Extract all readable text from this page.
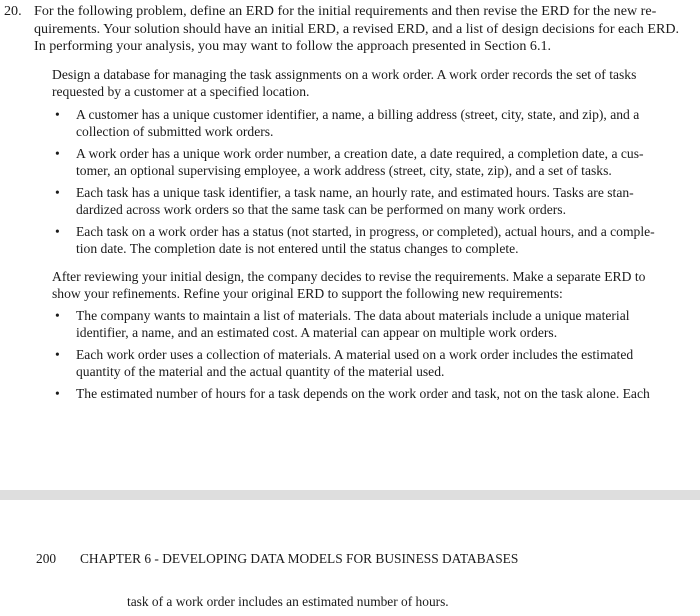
20. For the following problem, define an ERD for the initial requirements and then revise the ERD for the new re-
quirements. Your solution should have an initial ERD, a revised ERD, and a list of design decisions for each ERD.
In performing your analysis, you may want to follow the approach presented in Section 6.1.
Design a database for managing the task assignments on a work order. A work order records the set of tasks
requested by a customer at a specified location.
• A customer has a unique customer identifier, a name, a billing address (street, city, state, and zip), and a
collection of submitted work orders.
• A work order has a unique work order number, a creation date, a date required, a completion date, a cus-
tomer, an optional supervising employee, a work address (street, city, state, zip), and a set of tasks.
• Each task has a unique task identifier, a task name, an hourly rate, and estimated hours. Tasks are stan-
dardized across work orders so that the same task can be performed on many work orders.
• Each task on a work order has a status (not started, in progress, or completed), actual hours, and a comple-
tion date. The completion date is not entered until the status changes to complete.
After reviewing your initial design, the company decides to revise the requirements. Make a separate ERD to
show your refinements. Refine your original ERD to support the following new requirements:
• The company wants to maintain a list of materials. The data about materials include a unique material
identifier, a name, and an estimated cost. A material can appear on multiple work orders.
• Each work order uses a collection of materials. A material used on a work order includes the estimated
quantity of the material and the actual quantity of the material used.
• The estimated number of hours for a task depends on the work order and task, not on the task alone. Each
200 CHAPTER 6 - DEVELOPING DATA MODELS FOR BUSINESS DATABASES
task of a work order includes an estimated number of hours.
